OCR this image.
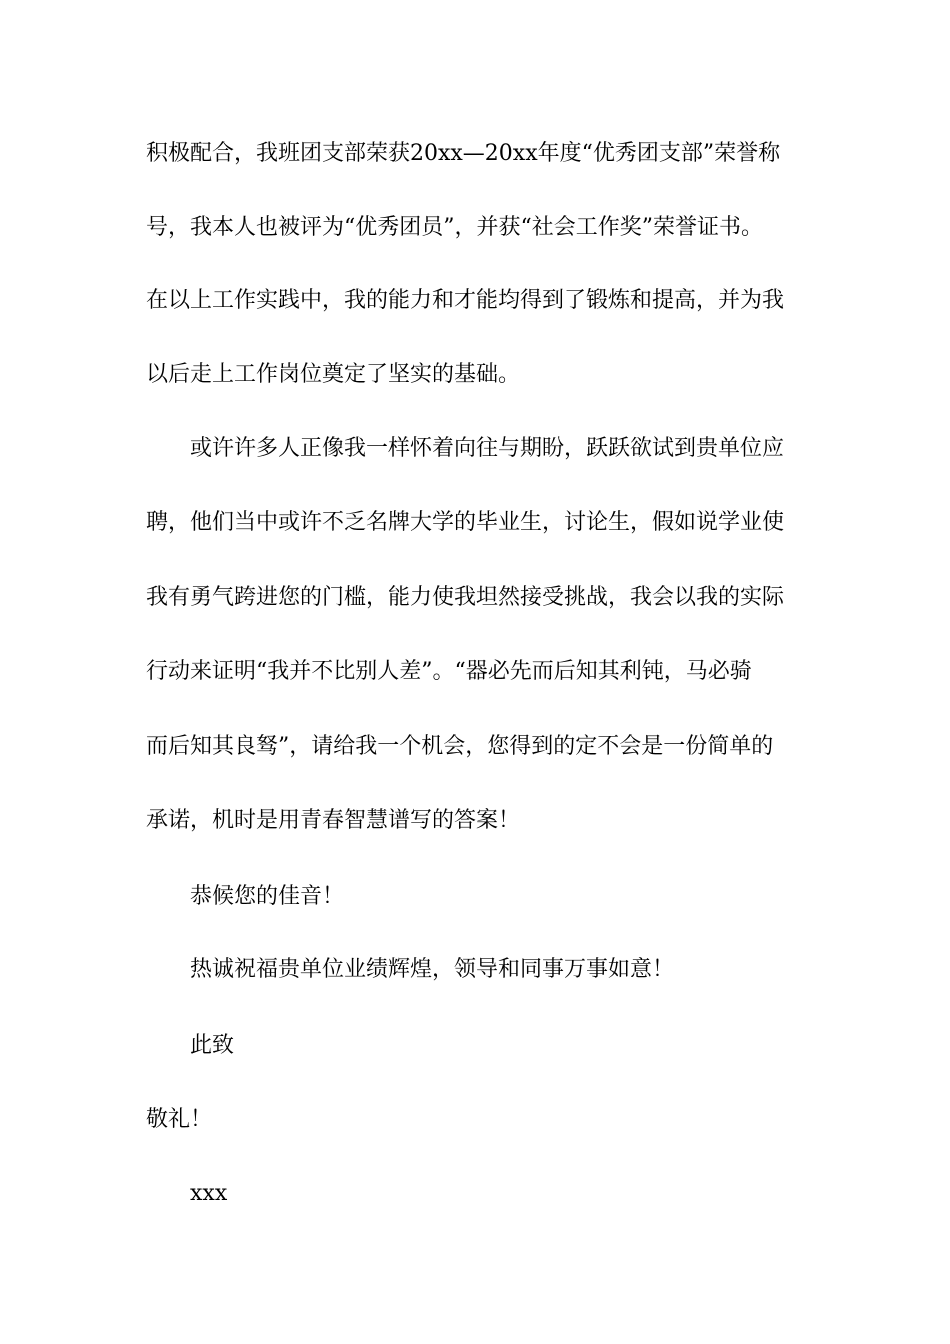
积极配合，我班团支部荣获20xx—20xx年度“优秀团支部”荣誉称
号，我本人也被评为“优秀团员”，并获“社会工作奖”荣誉证书。
在以上工作实践中，我的能力和才能均得到了锻炼和提高，并为我
以后走上工作岗位奠定了坚实的基础。
或许许多人正像我一样怀着向往与期盼，跃跃欲试到贵单位应
聘，他们当中或许不乏名牌大学的毕业生，讨论生，假如说学业使
我有勇气跨进您的门槛，能力使我坦然接受挑战，我会以我的实际
行动来证明“我并不比别人差”。“器必先而后知其利钝，马必骑
而后知其良驽”，请给我一个机会，您得到的定不会是一份简单的
承诺，机时是用青春智慧谱写的答案！
恭候您的佳音！
热诚祝福贵单位业绩辉煌，领导和同事万事如意！
此致
敬礼！
xxx
